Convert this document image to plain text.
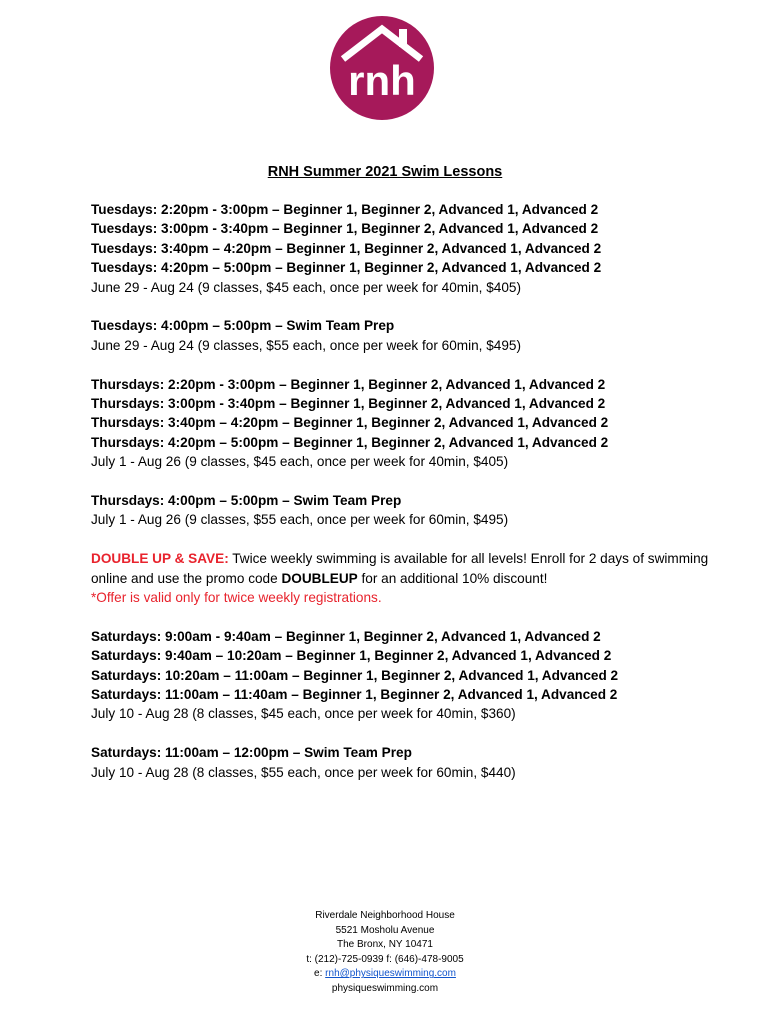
rnh
RNH Summer 2021 Swim Lessons
Tuesdays: 2:20pm - 3:00pm – Beginner 1, Beginner 2, Advanced 1, Advanced 2
Tuesdays: 3:00pm - 3:40pm – Beginner 1, Beginner 2, Advanced 1, Advanced 2
Tuesdays: 3:40pm – 4:20pm – Beginner 1, Beginner 2, Advanced 1, Advanced 2
Tuesdays: 4:20pm – 5:00pm – Beginner 1, Beginner 2, Advanced 1, Advanced 2
June 29 - Aug 24 (9 classes, $45 each, once per week for 40min, $405)
Tuesdays: 4:00pm – 5:00pm – Swim Team Prep
June 29 - Aug 24 (9 classes, $55 each, once per week for 60min, $495)
Thursdays: 2:20pm - 3:00pm – Beginner 1, Beginner 2, Advanced 1, Advanced 2
Thursdays: 3:00pm - 3:40pm – Beginner 1, Beginner 2, Advanced 1, Advanced 2
Thursdays: 3:40pm – 4:20pm – Beginner 1, Beginner 2, Advanced 1, Advanced 2
Thursdays: 4:20pm – 5:00pm – Beginner 1, Beginner 2, Advanced 1, Advanced 2
July 1 - Aug 26 (9 classes, $45 each, once per week for 40min, $405)
Thursdays: 4:00pm – 5:00pm – Swim Team Prep
July 1 - Aug 26 (9 classes, $55 each, once per week for 60min, $495)
DOUBLE UP & SAVE: Twice weekly swimming is available for all levels! Enroll for 2 days of swimming online and use the promo code DOUBLEUP for an additional 10% discount!
*Offer is valid only for twice weekly registrations.
Saturdays: 9:00am - 9:40am – Beginner 1, Beginner 2, Advanced 1, Advanced 2
Saturdays: 9:40am – 10:20am – Beginner 1, Beginner 2, Advanced 1, Advanced 2
Saturdays: 10:20am – 11:00am – Beginner 1, Beginner 2, Advanced 1, Advanced 2
Saturdays: 11:00am – 11:40am – Beginner 1, Beginner 2, Advanced 1, Advanced 2
July 10 - Aug 28 (8 classes, $45 each, once per week for 40min, $360)
Saturdays: 11:00am – 12:00pm – Swim Team Prep
July 10 - Aug 28 (8 classes, $55 each, once per week for 60min, $440)
Riverdale Neighborhood House
5521 Mosholu Avenue
The Bronx, NY 10471
t: (212)-725-0939 f: (646)-478-9005
e: rnh@physiqueswimming.com
physiqueswimming.com
